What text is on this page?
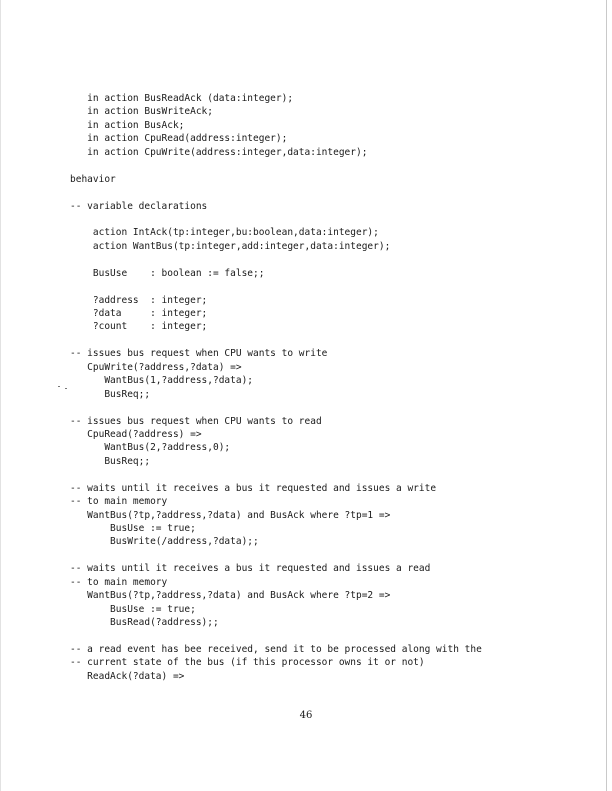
in action BusReadAck (data:integer);
in action BusWriteAck;
in action BusAck;
in action CpuRead(address:integer);
in action CpuWrite(address:integer,data:integer);
behavior
-- variable declarations
action IntAck(tp:integer,bu:boolean,data:integer);
action WantBus(tp:integer,add:integer,data:integer);
BusUse    : boolean := false;;
?address  : integer;
?data     : integer;
?count    : integer;
-- issues bus request when CPU wants to write
CpuWrite(?address,?data) =>
WantBus(1,?address,?data);
BusReq;;
-- issues bus request when CPU wants to read
CpuRead(?address) =>
WantBus(2,?address,0);
BusReq;;
-- waits until it receives a bus it requested and issues a write
-- to main memory
WantBus(?tp,?address,?data) and BusAck where ?tp=1 =>
BusUse := true;
BusWrite(/address,?data);;
-- waits until it receives a bus it requested and issues a read
-- to main memory
WantBus(?tp,?address,?data) and BusAck where ?tp=2 =>
BusUse := true;
BusRead(?address);;
-- a read event has bee received, send it to be processed along with the
-- current state of the bus (if this processor owns it or not)
ReadAck(?data) =>
46
